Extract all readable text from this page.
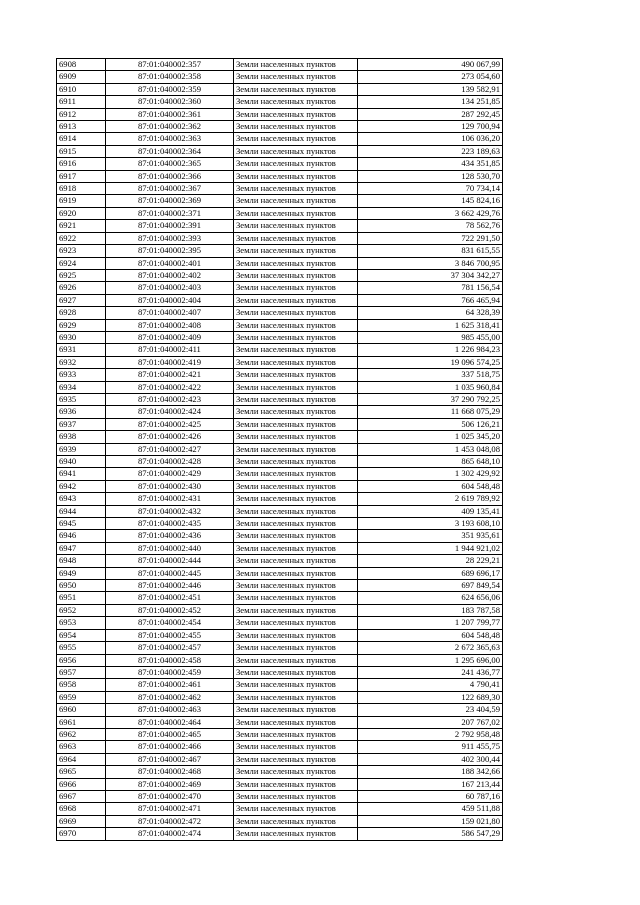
6908	87:01:040002:357	Земли населенных пунктов	490 067,99
6909	87:01:040002:358	Земли населенных пунктов	273 054,60
6910	87:01:040002:359	Земли населенных пунктов	139 582,91
6911	87:01:040002:360	Земли населенных пунктов	134 251,85
6912	87:01:040002:361	Земли населенных пунктов	287 292,45
6913	87:01:040002:362	Земли населенных пунктов	129 700,94
6914	87:01:040002:363	Земли населенных пунктов	106 036,20
6915	87:01:040002:364	Земли населенных пунктов	223 189,63
6916	87:01:040002:365	Земли населенных пунктов	434 351,85
6917	87:01:040002:366	Земли населенных пунктов	128 530,70
6918	87:01:040002:367	Земли населенных пунктов	70 734,14
6919	87:01:040002:369	Земли населенных пунктов	145 824,16
6920	87:01:040002:371	Земли населенных пунктов	3 662 429,76
6921	87:01:040002:391	Земли населенных пунктов	78 562,76
6922	87:01:040002:393	Земли населенных пунктов	722 291,50
6923	87:01:040002:395	Земли населенных пунктов	831 615,55
6924	87:01:040002:401	Земли населенных пунктов	3 846 700,95
6925	87:01:040002:402	Земли населенных пунктов	37 304 342,27
6926	87:01:040002:403	Земли населенных пунктов	781 156,54
6927	87:01:040002:404	Земли населенных пунктов	766 465,94
6928	87:01:040002:407	Земли населенных пунктов	64 328,39
6929	87:01:040002:408	Земли населенных пунктов	1 625 318,41
6930	87:01:040002:409	Земли населенных пунктов	985 455,00
6931	87:01:040002:411	Земли населенных пунктов	1 226 984,23
6932	87:01:040002:419	Земли населенных пунктов	19 096 574,25
6933	87:01:040002:421	Земли населенных пунктов	337 518,75
6934	87:01:040002:422	Земли населенных пунктов	1 035 960,84
6935	87:01:040002:423	Земли населенных пунктов	37 290 792,25
6936	87:01:040002:424	Земли населенных пунктов	11 668 075,29
6937	87:01:040002:425	Земли населенных пунктов	506 126,21
6938	87:01:040002:426	Земли населенных пунктов	1 025 345,20
6939	87:01:040002:427	Земли населенных пунктов	1 453 048,08
6940	87:01:040002:428	Земли населенных пунктов	865 648,10
6941	87:01:040002:429	Земли населенных пунктов	1 302 429,92
6942	87:01:040002:430	Земли населенных пунктов	604 548,48
6943	87:01:040002:431	Земли населенных пунктов	2 619 789,92
6944	87:01:040002:432	Земли населенных пунктов	409 135,41
6945	87:01:040002:435	Земли населенных пунктов	3 193 608,10
6946	87:01:040002:436	Земли населенных пунктов	351 935,61
6947	87:01:040002:440	Земли населенных пунктов	1 944 921,02
6948	87:01:040002:444	Земли населенных пунктов	28 229,21
6949	87:01:040002:445	Земли населенных пунктов	689 696,17
6950	87:01:040002:446	Земли населенных пунктов	697 849,54
6951	87:01:040002:451	Земли населенных пунктов	624 656,06
6952	87:01:040002:452	Земли населенных пунктов	183 787,58
6953	87:01:040002:454	Земли населенных пунктов	1 207 799,77
6954	87:01:040002:455	Земли населенных пунктов	604 548,48
6955	87:01:040002:457	Земли населенных пунктов	2 672 365,63
6956	87:01:040002:458	Земли населенных пунктов	1 295 696,00
6957	87:01:040002:459	Земли населенных пунктов	241 436,77
6958	87:01:040002:461	Земли населенных пунктов	4 790,41
6959	87:01:040002:462	Земли населенных пунктов	122 689,30
6960	87:01:040002:463	Земли населенных пунктов	23 404,59
6961	87:01:040002:464	Земли населенных пунктов	207 767,02
6962	87:01:040002:465	Земли населенных пунктов	2 792 958,48
6963	87:01:040002:466	Земли населенных пунктов	911 455,75
6964	87:01:040002:467	Земли населенных пунктов	402 300,44
6965	87:01:040002:468	Земли населенных пунктов	188 342,66
6966	87:01:040002:469	Земли населенных пунктов	167 213,44
6967	87:01:040002:470	Земли населенных пунктов	60 787,16
6968	87:01:040002:471	Земли населенных пунктов	459 511,88
6969	87:01:040002:472	Земли населенных пунктов	159 021,80
6970	87:01:040002:474	Земли населенных пунктов	586 547,29
